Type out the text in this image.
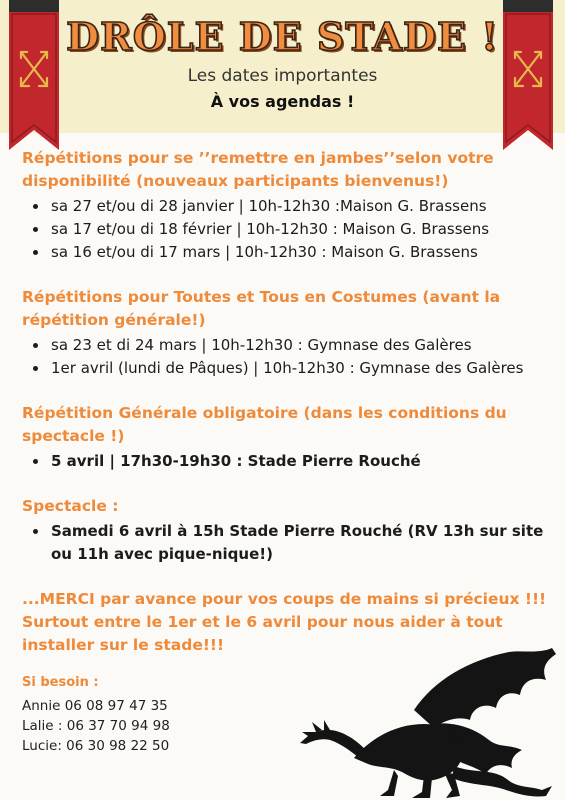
DRÔLE DE STADE !
Les dates importantes
À vos agendas !
Répétitions pour se ’’remettre en jambes’’selon votre disponibilité (nouveaux participants bienvenus!)
sa 27 et/ou di 28 janvier | 10h-12h30 :Maison G. Brassens
sa 17 et/ou di 18 février | 10h-12h30 : Maison G. Brassens
sa 16 et/ou di 17 mars | 10h-12h30 : Maison G. Brassens
Répétitions pour Toutes et Tous en Costumes (avant la répétition générale!)
sa 23 et di 24 mars | 10h-12h30 : Gymnase des Galères
1er avril (lundi de Pâques) | 10h-12h30 : Gymnase des Galères
Répétition Générale obligatoire (dans les conditions du spectacle !)
5 avril | 17h30-19h30 : Stade Pierre Rouché
Spectacle :
Samedi 6 avril à 15h Stade Pierre Rouché (RV 13h sur site ou 11h avec pique-nique!)
...MERCI par avance pour vos coups de mains si précieux !!! Surtout entre le 1er et le 6 avril pour nous aider à tout installer sur le stade!!!
Si besoin :
Annie 06 08 97 47 35
Lalie : 06 37 70 94 98
Lucie: 06 30 98 22 50
